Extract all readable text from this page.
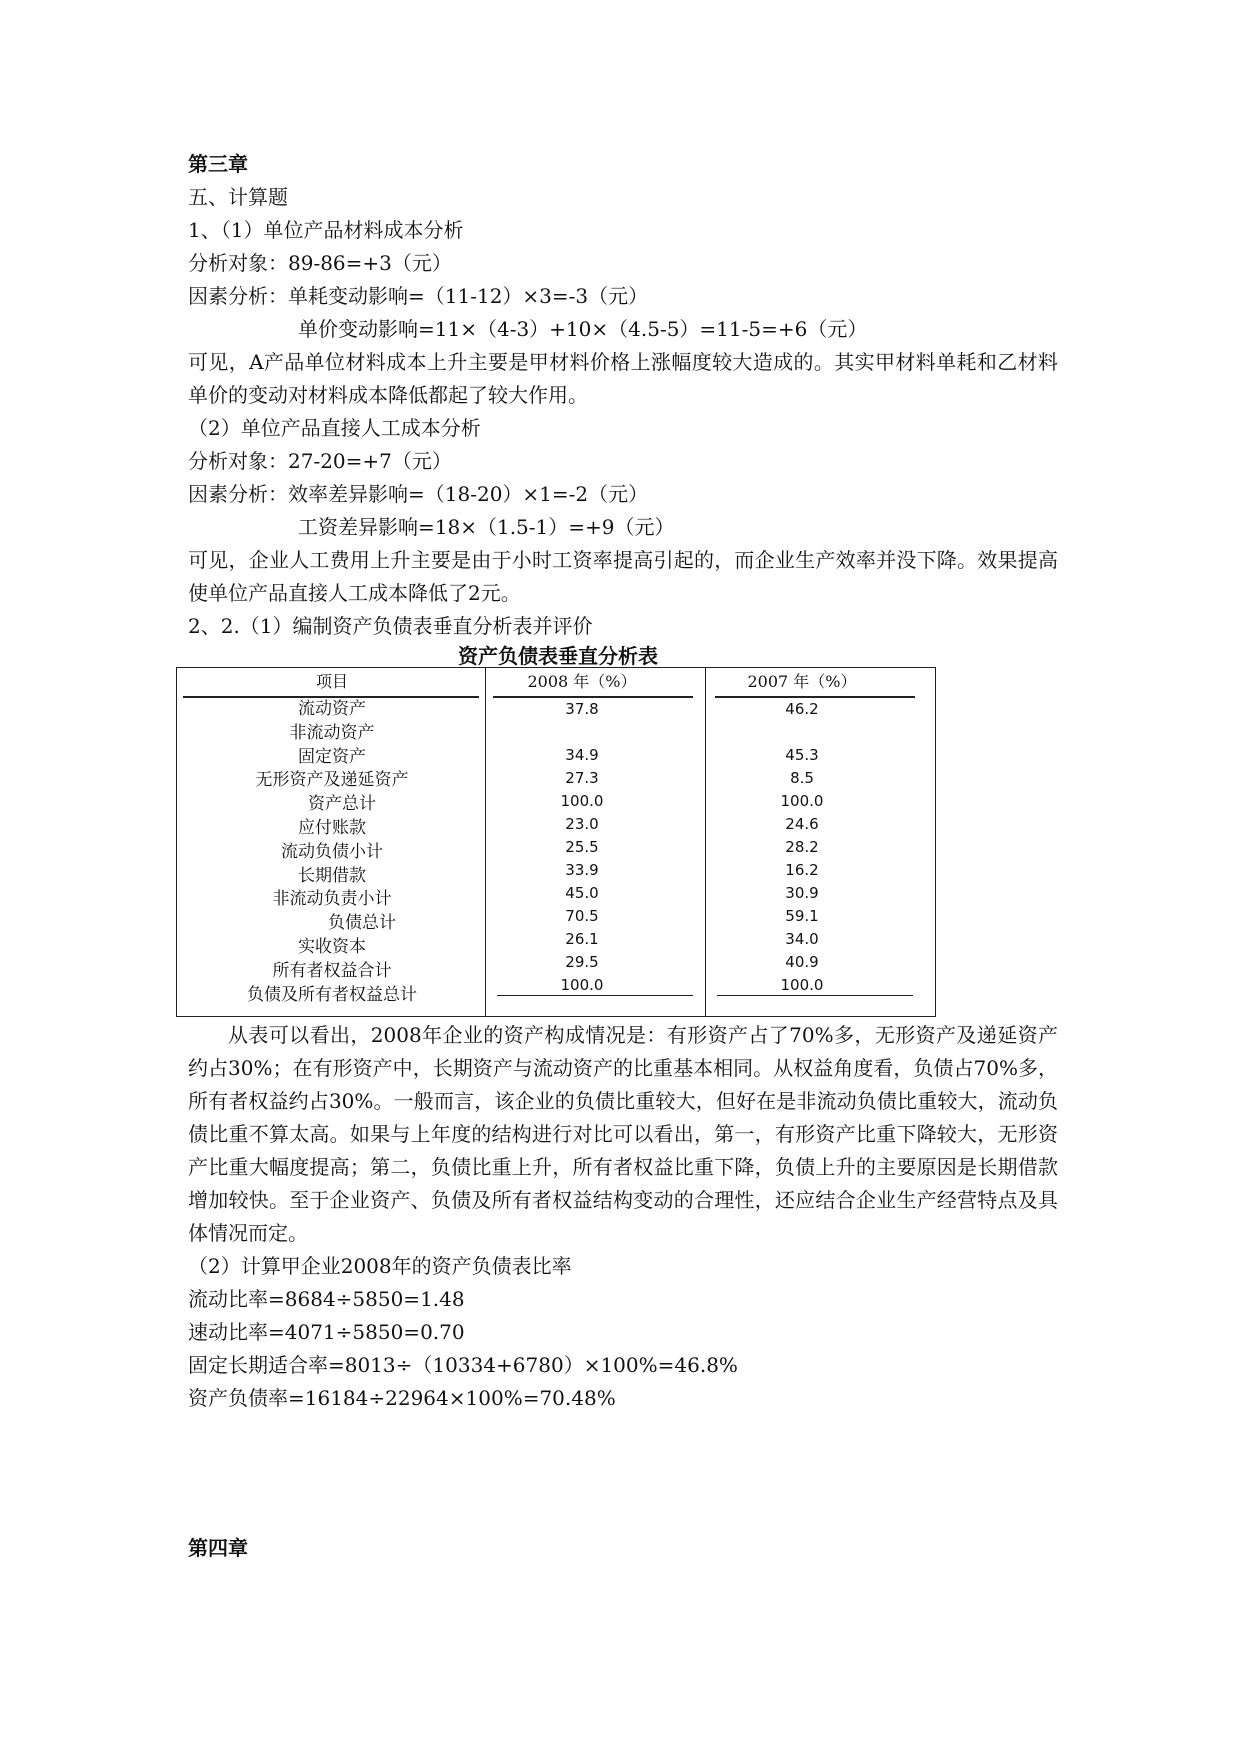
第三章
五、计算题
1、（1）单位产品材料成本分析
分析对象：89-86=+3（元）
因素分析：单耗变动影响=（11-12）×3=-3（元）
单价变动影响=11×（4-3）+10×（4.5-5）=11-5=+6（元）
可见，A产品单位材料成本上升主要是甲材料价格上涨幅度较大造成的。其实甲材料单耗和乙材料单价的变动对材料成本降低都起了较大作用。
（2）单位产品直接人工成本分析
分析对象：27-20=+7（元）
因素分析：效率差异影响=（18-20）×1=-2（元）
工资差异影响=18×（1.5-1）=+9（元）
可见，企业人工费用上升主要是由于小时工资率提高引起的，而企业生产效率并没下降。效果提高使单位产品直接人工成本降低了2元。
2、2.（1）编制资产负债表垂直分析表并评价
资产负债表垂直分析表
项目	2008 年（%）	2007 年（%）
流动资产
非流动资产
固定资产
无形资产及递延资产
资产总计
应付账款
流动负债小计
长期借款
非流动负责小计
负债总计
实收资本
所有者权益合计
负债及所有者权益总计
37.8

34.9
27.3
100.0
23.0
25.5
33.9
45.0
70.5
26.1
29.5
100.0
46.2

45.3
8.5
100.0
24.6
28.2
16.2
30.9
59.1
34.0
40.9
100.0
从表可以看出，2008年企业的资产构成情况是：有形资产占了70%多，无形资产及递延资产约占30%；在有形资产中，长期资产与流动资产的比重基本相同。从权益角度看，负债占70%多，所有者权益约占30%。一般而言，该企业的负债比重较大，但好在是非流动负债比重较大，流动负债比重不算太高。如果与上年度的结构进行对比可以看出，第一，有形资产比重下降较大，无形资产比重大幅度提高；第二，负债比重上升，所有者权益比重下降，负债上升的主要原因是长期借款增加较快。至于企业资产、负债及所有者权益结构变动的合理性，还应结合企业生产经营特点及具体情况而定。
（2）计算甲企业2008年的资产负债表比率
流动比率=8684÷5850=1.48
速动比率=4071÷5850=0.70
固定长期适合率=8013÷（10334+6780）×100%=46.8%
资产负债率=16184÷22964×100%=70.48%
第四章
